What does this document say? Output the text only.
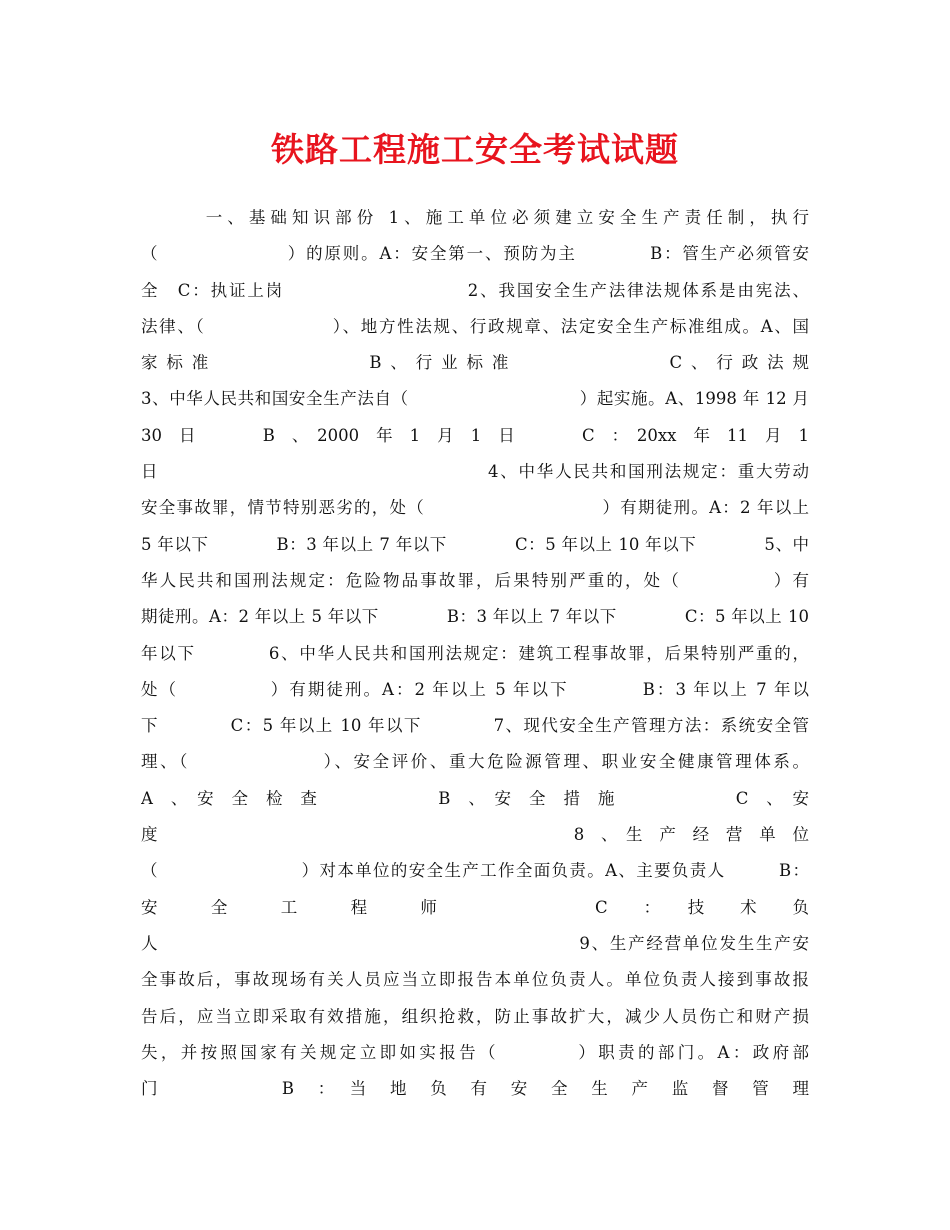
铁路工程施工安全考试试题
　　　一、基础知识部份 1、施工单位必须建立安全生产责任制，执行
（　　　　　　　）的原则。A：安全第一、预防为主　　　　B：管生产必须管安
全　C：执证上岗　　　　　　　　　　2、我国安全生产法律法规体系是由宪法、
法律、（　　　　　　　）、地方性法规、行政规章、法定安全生产标准组成。A、国
家标准　　　　　　B、行业标准　　　　　　C、行政法规
3、中华人民共和国安全生产法自（　　　　　　　　　　）起实施。A、1998 年 12 月
30　日　　　　B　、　2000　年　1　月　1　日　　　　C　：　20xx　年　11　月　1
日　　　　　　　　　　　　　　　　　　4、中华人民共和国刑法规定：重大劳动
安全事故罪，情节特别恶劣的，处（　　　　　　　　　　）有期徒刑。A：2 年以上
5 年以下　　　　B：3 年以上 7 年以下　　　　C：5 年以上 10 年以下　　　　5、中
华人民共和国刑法规定：危险物品事故罪，后果特别严重的，处（　　　　　）有
期徒刑。A：2 年以上 5 年以下　　　　B：3 年以上 7 年以下　　　　C：5 年以上 10
年以下　　　　6、中华人民共和国刑法规定：建筑工程事故罪，后果特别严重的，
处（　　　　　）有期徒刑。A：2 年以上 5 年以下　　　　B：3 年以上 7 年以
下　　　　C：5 年以上 10 年以下　　　　7、现代安全生产管理方法：系统安全管
理、（　　　　　　　）、安全评价、重大危险源管理、职业安全健康管理体系。
A　、　安　全　检　查　　　　　　　B　、　安　全　措　施　　　　　　　C　、　安　　
度　　　　　　　　　　　　　　　　　　　　　　　　　8　、　生　产　经　营　单　位　
（　　　　　　　　）对本单位的安全生产工作全面负责。A、主要负责人　　　B：
安　　　全　　　工　　　程　　　师　　　　　　　　　C　　：　　技　　术　　负　　
人　　　　　　　　　　　　　　　　　　　　　　　9、生产经营单位发生生产安
全事故后，事故现场有关人员应当立即报告本单位负责人。单位负责人接到事故报
告后，应当立即采取有效措施，组织抢救，防止事故扩大，减少人员伤亡和财产损
失，并按照国家有关规定立即如实报告（　　　　）职责的部门。A：政府部
门　　　　　　B　：　当　地　负　有　安　全　生　产　监　督　管　理　　　　　　　　　　
